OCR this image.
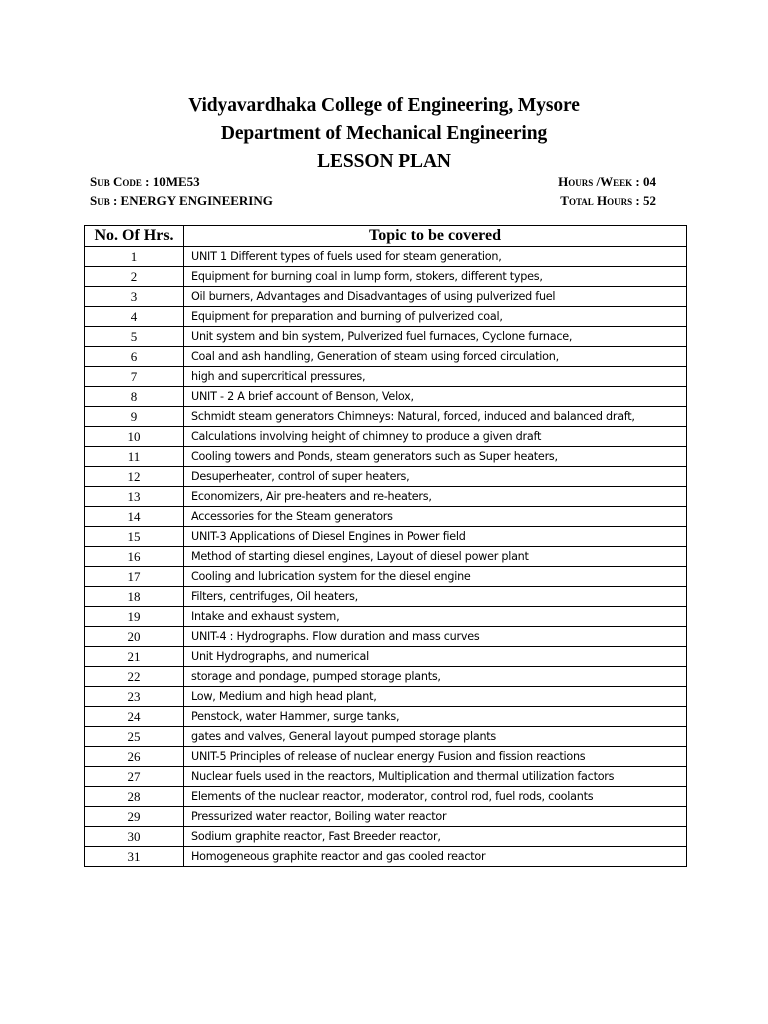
Vidyavardhaka College of Engineering, Mysore
Department of Mechanical Engineering
LESSON PLAN
Sub Code : 10ME53	Hours /Week : 04
Sub : ENERGY ENGINEERING	Total Hours : 52
No. Of Hrs.	Topic to be covered
1	UNIT 1 Different types of fuels used for steam generation,
2	Equipment for burning coal in lump form, stokers, different types,
3	Oil burners, Advantages and Disadvantages of using pulverized fuel
4	Equipment for preparation and burning of pulverized coal,
5	Unit system and bin system, Pulverized fuel furnaces, Cyclone furnace,
6	Coal and ash handling, Generation of steam using forced circulation,
7	high and supercritical pressures,
8	UNIT - 2 A brief account of Benson, Velox,
9	Schmidt steam generators Chimneys: Natural, forced, induced and balanced draft,
10	Calculations involving height of chimney to produce a given draft
11	Cooling towers and Ponds, steam generators such as Super heaters,
12	Desuperheater, control of super heaters,
13	Economizers, Air pre-heaters and re-heaters,
14	Accessories for the Steam generators
15	UNIT-3 Applications of Diesel Engines in Power field
16	Method of starting diesel engines, Layout of diesel power plant
17	Cooling and lubrication system for the diesel engine
18	Filters, centrifuges, Oil heaters,
19	Intake and exhaust system,
20	UNIT-4 : Hydrographs. Flow duration and mass curves
21	Unit Hydrographs, and numerical
22	storage and pondage, pumped storage plants,
23	Low, Medium and high head plant,
24	Penstock, water Hammer, surge tanks,
25	gates and valves, General layout pumped storage plants
26	UNIT-5 Principles of release of nuclear energy Fusion and fission reactions
27	Nuclear fuels used in the reactors, Multiplication and thermal utilization factors
28	Elements of the nuclear reactor, moderator, control rod, fuel rods, coolants
29	Pressurized water reactor, Boiling water reactor
30	Sodium graphite reactor, Fast Breeder reactor,
31	Homogeneous graphite reactor and gas cooled reactor
